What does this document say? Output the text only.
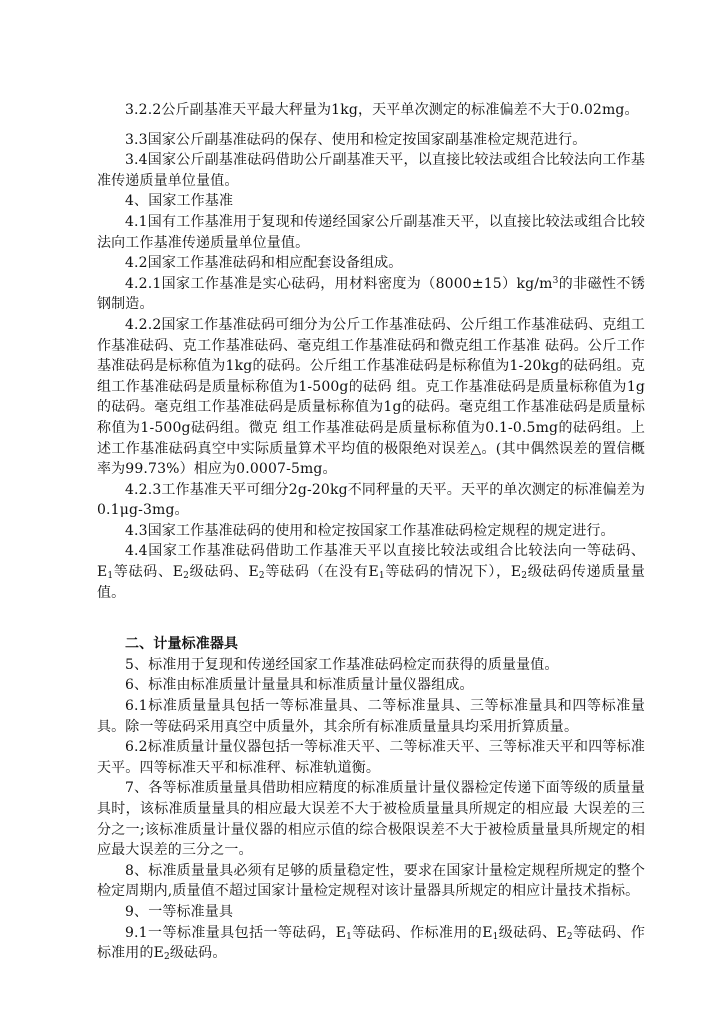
3.2.2公斤副基准天平最大秤量为1kg，天平单次测定的标准偏差不大于0.02mg。

3.3国家公斤副基准砝码的保存、使用和检定按国家副基准检定规范进行。

3.4国家公斤副基准砝码借助公斤副基准天平，以直接比较法或组合比较法向工作基准传递质量单位量值。

4、国家工作基准

4.1国有工作基准用于复现和传递经国家公斤副基准天平，以直接比较法或组合比较法向工作基准传递质量单位量值。

4.2国家工作基准砝码和相应配套设备组成。

4.2.1国家工作基准是实心砝码，用材料密度为$(8000\pm 15)kg/m^3$的非磁性不锈钢制造。

4.2.2国家工作基准砝码可细分为公斤工作基准砝码、公斤组工作基准砝码、克组工作基准砝码、克工作基准砝码、毫克组工作基准砝码和微克组工作基准 砝码。公斤工作基准砝码是标称值为1kg的砝码。公斤组工作基准砝码是标称值为1-20kg的砝码组。克组工作基准砝码是质量标称值为1-500g的砝码 组。克工作基准砝码是质量标称值为1g的砝码。毫克组工作基准砝码是质量标称值为1g的砝码。毫克组工作基准砝码是质量标称值为1-500g砝码组。微克 组工作基准砝码是质量标称值为0.1-0.5mg的砝码组。上述工作基准砝码真空中实际质量算术平均值的极限绝对误差△。(其中偶然误差的置信概率为99.73%）相应为0.0007-5mg。

4.2.3工作基准天平可细分2g-20kg不同秤量的天平。天平的单次测定的标准偏差为0.1μg-3mg。

4.3国家工作基准砝码的使用和检定按国家工作基准砝码检定规程的规定进行。

4.4国家工作基准砝码借助工作基准天平以直接比较法或组合比较法向一等砝码、$E_1$等砝码、$E_2$级砝码、$E_2$等砝码（在没有$E_1$等砝码的情况下），$E_2$级砝码传递质量量值。

二、计量标准器具

5、标准用于复现和传递经国家工作基准砝码检定而获得的质量量值。

6、标准由标准质量计量量具和标准质量计量仪器组成。

6.1标准质量量具包括一等标准量具、二等标准量具、三等标准量具和四等标准量具。除一等砝码采用真空中质量外，其余所有标准质量量具均采用折算质量。

6.2标准质量计量仪器包括一等标准天平、二等标准天平、三等标准天平和四等标准天平。四等标准天平和标准秤、标准轨道衡。

7、各等标准质量量具借助相应精度的标准质量计量仪器检定传递下面等级的质量量具时，该标准质量量具的相应最大误差不大于被检质量量具所规定的相应最 大误差的三分之一;该标准质量计量仪器的相应示值的综合极限误差不大于被检质量量具所规定的相应最大误差的三分之一。

8、标准质量量具必须有足够的质量稳定性，要求在国家计量检定规程所规定的整个检定周期内,质量值不超过国家计量检定规程对该计量器具所规定的相应计量技术指标。

9、一等标准量具

9.1一等标准量具包括一等砝码，$E_1$等砝码、作标准用的$E_1$级砝码、$E_2$等砝码、作标准用的$E_2$级砝码。
